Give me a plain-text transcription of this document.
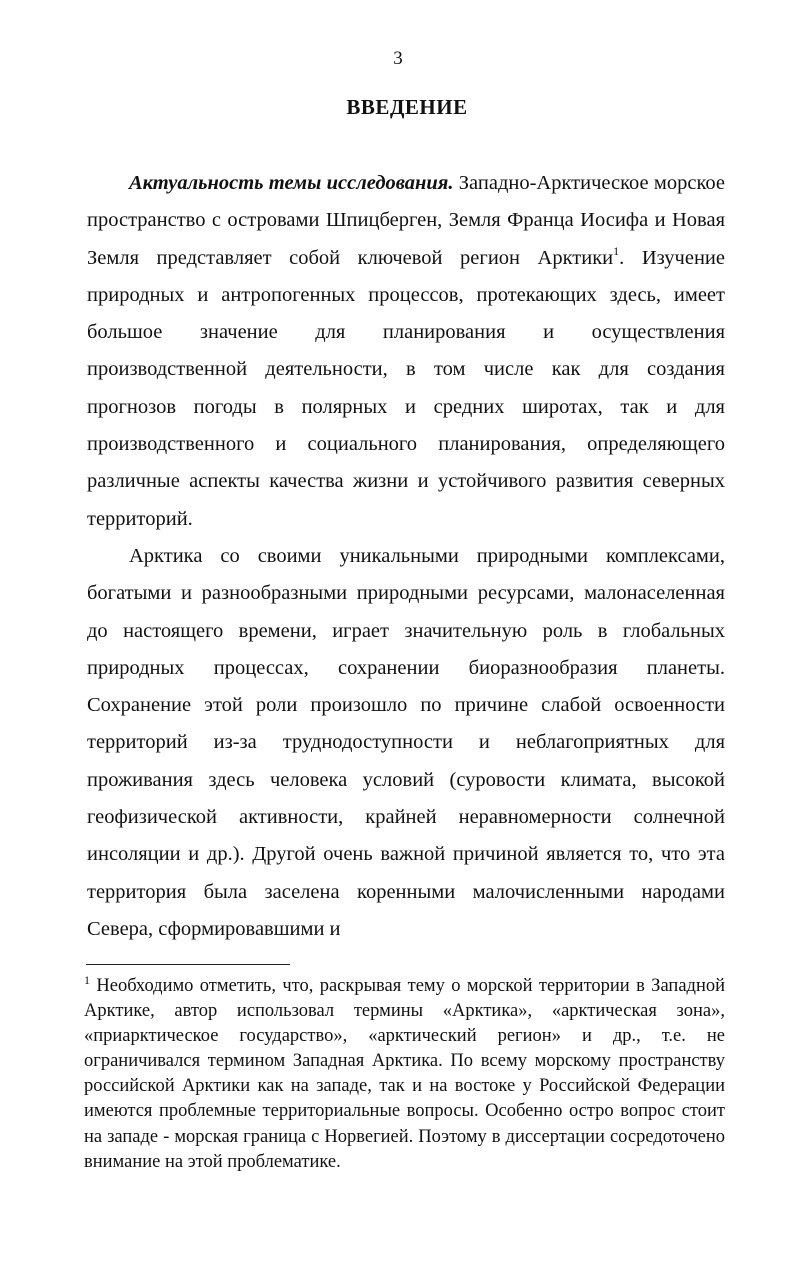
3
ВВЕДЕНИЕ

Актуальность темы исследования. Западно-Арктическое морское пространство с островами Шпицберген, Земля Франца Иосифа и Новая Земля представляет собой ключевой регион Арктики$^1$. Изучение природных и антропогенных процессов, протекающих здесь, имеет большое значение для планирования и осуществления производственной деятельности, в том числе как для создания прогнозов погоды в полярных и средних широтах, так и для производственного и социального планирования, определяющего различные аспекты качества жизни и устойчивого развития северных территорий.

Арктика со своими уникальными природными комплексами, богатыми и разнообразными природными ресурсами, малонаселенная до настоящего времени, играет значительную роль в глобальных природных процессах, сохранении биоразнообразия планеты. Сохранение этой роли произошло по причине слабой освоенности территорий из-за труднодоступности и неблагоприятных для проживания здесь человека условий (суровости климата, высокой геофизической активности, крайней неравномерности солнечной инсоляции и др.). Другой очень важной причиной является то, что эта территория была заселена коренными малочисленными народами Севера, сформировавшими и

$^1$ Необходимо отметить, что, раскрывая тему о морской территории в Западной Арктике, автор использовал термины «Арктика», «арктическая зона», «приарктическое государство», «арктический регион» и др., т.е. не ограничивался термином Западная Арктика. По всему морскому пространству российской Арктики как на западе, так и на востоке у Российской Федерации имеются проблемные территориальные вопросы. Особенно остро вопрос стоит на западе - морская граница с Норвегией. Поэтому в диссертации сосредоточено внимание на этой проблематике.
